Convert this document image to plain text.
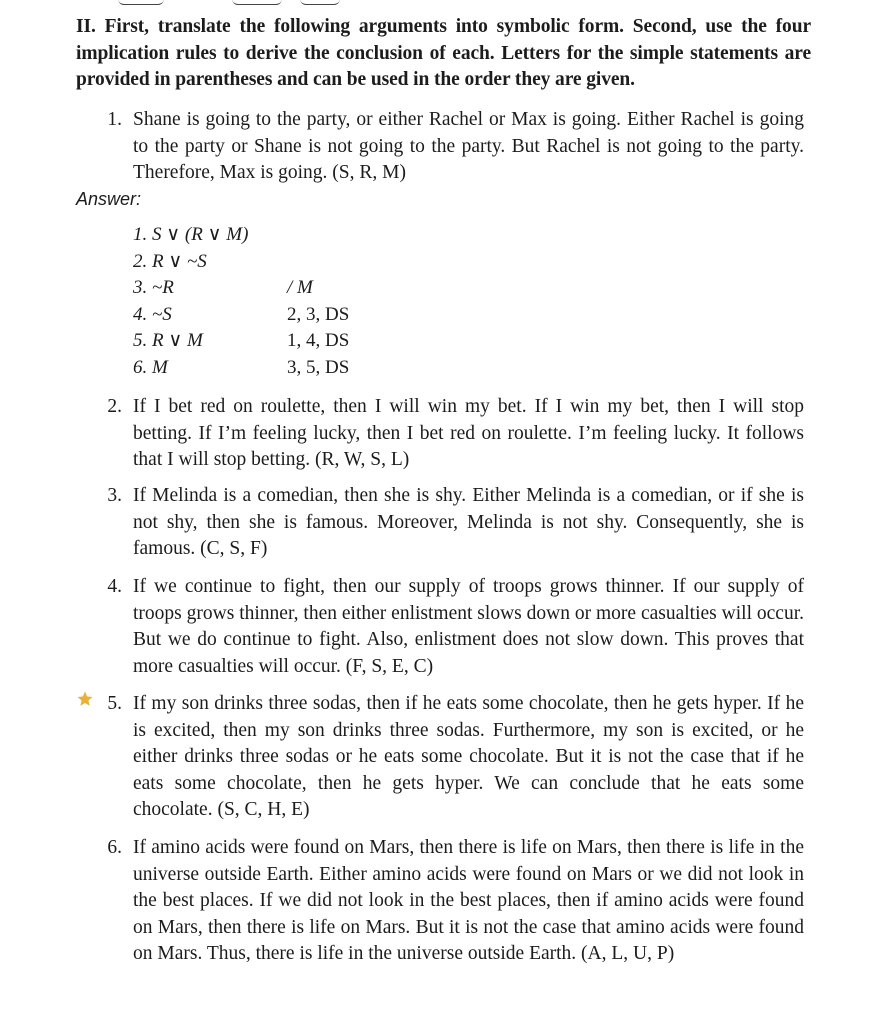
II. First, translate the following arguments into symbolic form. Second, use the four implication rules to derive the conclusion of each. Letters for the simple statements are provided in parentheses and can be used in the order they are given.
1. Shane is going to the party, or either Rachel or Max is going. Either Rachel is going to the party or Shane is not going to the party. But Rachel is not going to the party. Therefore, Max is going. (S, R, M)
Answer:
1. S ∨ (R ∨ M)
2. R ∨ ~S
3. ~R	/ M
4. ~S	2, 3, DS
5. R ∨ M	1, 4, DS
6. M	3, 5, DS
2. If I bet red on roulette, then I will win my bet. If I win my bet, then I will stop betting. If I’m feeling lucky, then I bet red on roulette. I’m feeling lucky. It follows that I will stop betting. (R, W, S, L)
3. If Melinda is a comedian, then she is shy. Either Melinda is a comedian, or if she is not shy, then she is famous. Moreover, Melinda is not shy. Consequently, she is famous. (C, S, F)
4. If we continue to fight, then our supply of troops grows thinner. If our supply of troops grows thinner, then either enlistment slows down or more casualties will occur. But we do continue to fight. Also, enlistment does not slow down. This proves that more casualties will occur. (F, S, E, C)
5. If my son drinks three sodas, then if he eats some chocolate, then he gets hyper. If he is excited, then my son drinks three sodas. Furthermore, my son is excited, or he either drinks three sodas or he eats some chocolate. But it is not the case that if he eats some chocolate, then he gets hyper. We can conclude that he eats some chocolate. (S, C, H, E)
6. If amino acids were found on Mars, then there is life on Mars, then there is life in the universe outside Earth. Either amino acids were found on Mars or we did not look in the best places. If we did not look in the best places, then if amino acids were found on Mars, then there is life on Mars. But it is not the case that amino acids were found on Mars. Thus, there is life in the universe outside Earth. (A, L, U, P)
